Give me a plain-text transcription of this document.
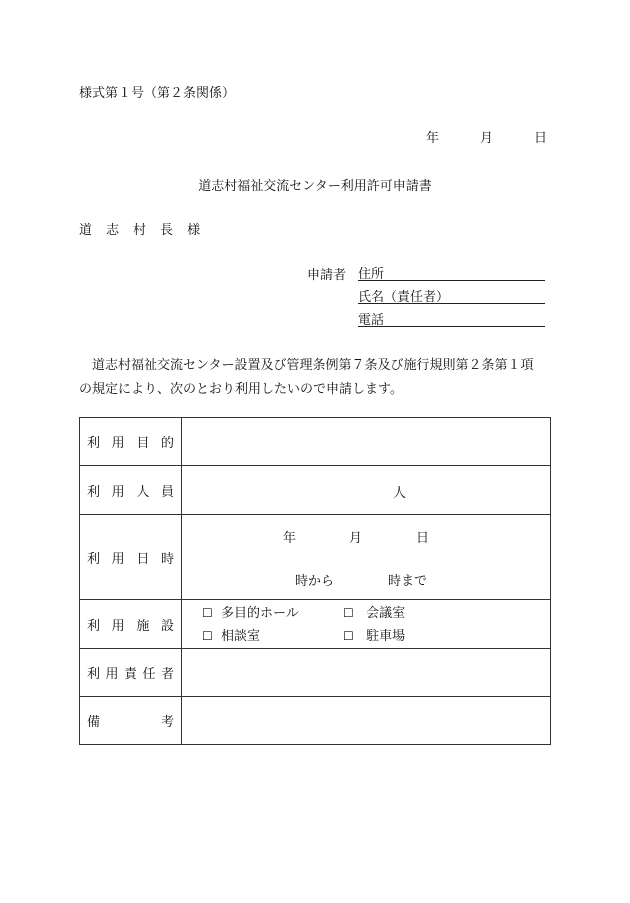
様式第１号（第２条関係）
年	月	日
道志村福祉交流センター利用許可申請書
道 志 村 長 様
申請者 住所
氏名（責任者）
電話

　道志村福祉交流センター設置及び管理条例第７条及び施行規則第２条第１項

の規定により、次のとおり利用したいので申請します。

利 用 目 的	

利 用 人 員	人

利 用 日 時	年 月 日
時から 時まで

利 用 施 設	☐ 多目的ホール ☐ 会議室
☐ 相談室 ☐ 駐車場

利 用 責 任 者	

備 考	
